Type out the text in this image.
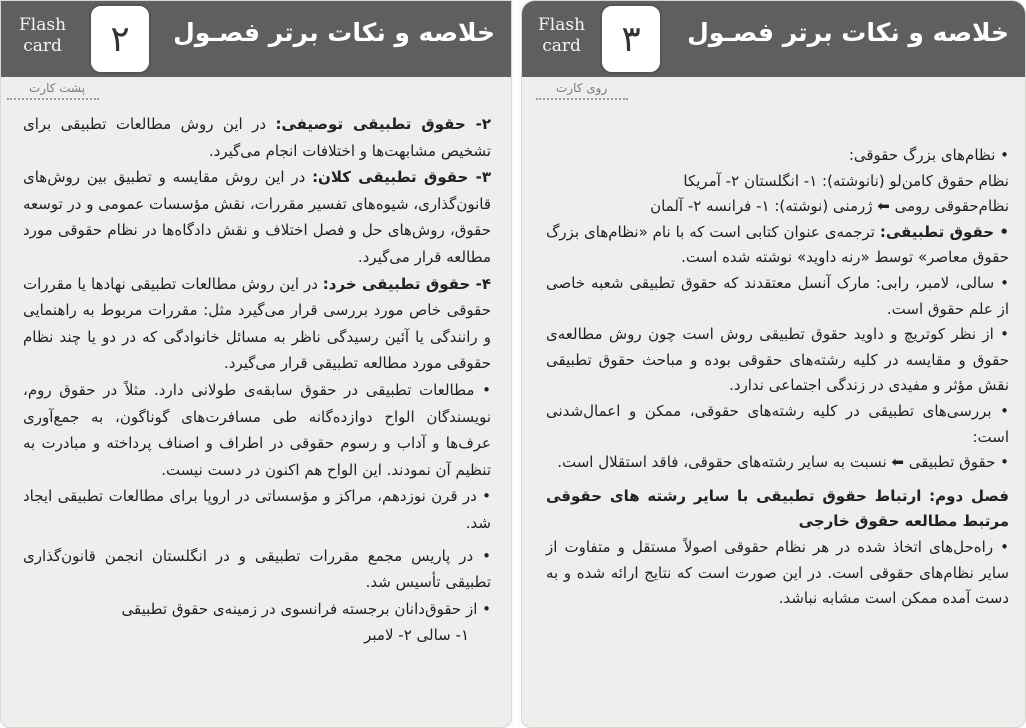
خلاصه و نکات برتر فصـول
Flash
card	۲
پشت کارت

۲- حقوق تطبیقی توصیفی: در این روش مطالعات تطبیقی برای تشخیص مشابهت‌ها و اختلافات انجام می‌گیرد.

۳- حقوق تطبیقی کلان: در این روش مقایسه و تطبیق بین روش‌های قانون‌گذاری، شیوه‌های تفسیر مقررات، نقش مؤسسات عمومی و در توسعه حقوق، روش‌های حل و فصل اختلاف و نقش دادگاه‌ها در نظام حقوقی مورد مطالعه قرار می‌گیرد.

۴- حقوق تطبیقی خرد: در این روش مطالعات تطبیقی نهادها یا مقررات حقوقی خاص مورد بررسی قرار می‌گیرد مثل: مقررات مربوط به راهنمایی و رانندگی یا آئین رسیدگی ناظر به مسائل خانوادگی که در دو یا چند نظام حقوقی مورد مطالعه تطبیقی قرار می‌گیرد.

• مطالعات تطبیقی در حقوق سابقه‌ی طولانی دارد. مثلاً در حقوق روم، نویسندگان الواح دوازده‌گانه طی مسافرت‌های گوناگون، به جمع‌آوری عرف‌ها و آداب و رسوم حقوقی در اطراف و اصناف پرداخته و مبادرت به تنظیم آن نمودند. این الواح هم اکنون در دست نیست.

• در قرن نوزدهم، مراکز و مؤسساتی در اروپا برای مطالعات تطبیقی ایجاد شد.

• در پاریس مجمع مقررات تطبیقی و در انگلستان انجمن قانون‌گذاری تطبیقی تأسیس شد.

• از حقوق‌دانان برجسته فرانسوی در زمینه‌ی حقوق تطبیقی

۱- سالی ۲- لامبر

خلاصه و نکات برتر فصـول
Flash
card	۳
روی کارت

• نظام‌های بزرگ حقوقی:

نظام حقوق کامن‌لو (نانوشته): ۱- انگلستان ۲- آمریکا

نظام‌حقوقی رومی ⬅ ژرمنی (نوشته): ۱- فرانسه ۲- آلمان

• حقوق تطبیقی: ترجمه‌ی عنوان کتابی است که با نام «نظام‌های بزرگ حقوق معاصر» توسط «رنه داوید» نوشته شده است.

• سالی، لامبر، رابی: مارک آنسل معتقدند که حقوق تطبیقی شعبه خاصی از علم حقوق است.

• از نظر کوتریچ و داوید حقوق تطبیقی روش است چون روش مطالعه‌ی حقوق و مقایسه در کلیه رشته‌های حقوقی بوده و مباحث حقوق تطبیقی نقش مؤثر و مفیدی در زندگی اجتماعی ندارد.

• بررسی‌های تطبیقی در کلیه رشته‌های حقوقی، ممکن و اعمال‌شدنی است:

• حقوق تطبیقی ⬅ نسبت به سایر رشته‌های حقوقی، فاقد استقلال است.

فصل دوم: ارتباط حقوق تطبیقی با سایر رشته های حقوقی مرتبط مطالعه حقوق خارجی

• راه‌حل‌های اتخاذ شده در هر نظام حقوقی اصولاً مستقل و متفاوت از سایر نظام‌های حقوقی است. در این صورت است که نتایج ارائه شده و به دست آمده ممکن است مشابه نباشد.
